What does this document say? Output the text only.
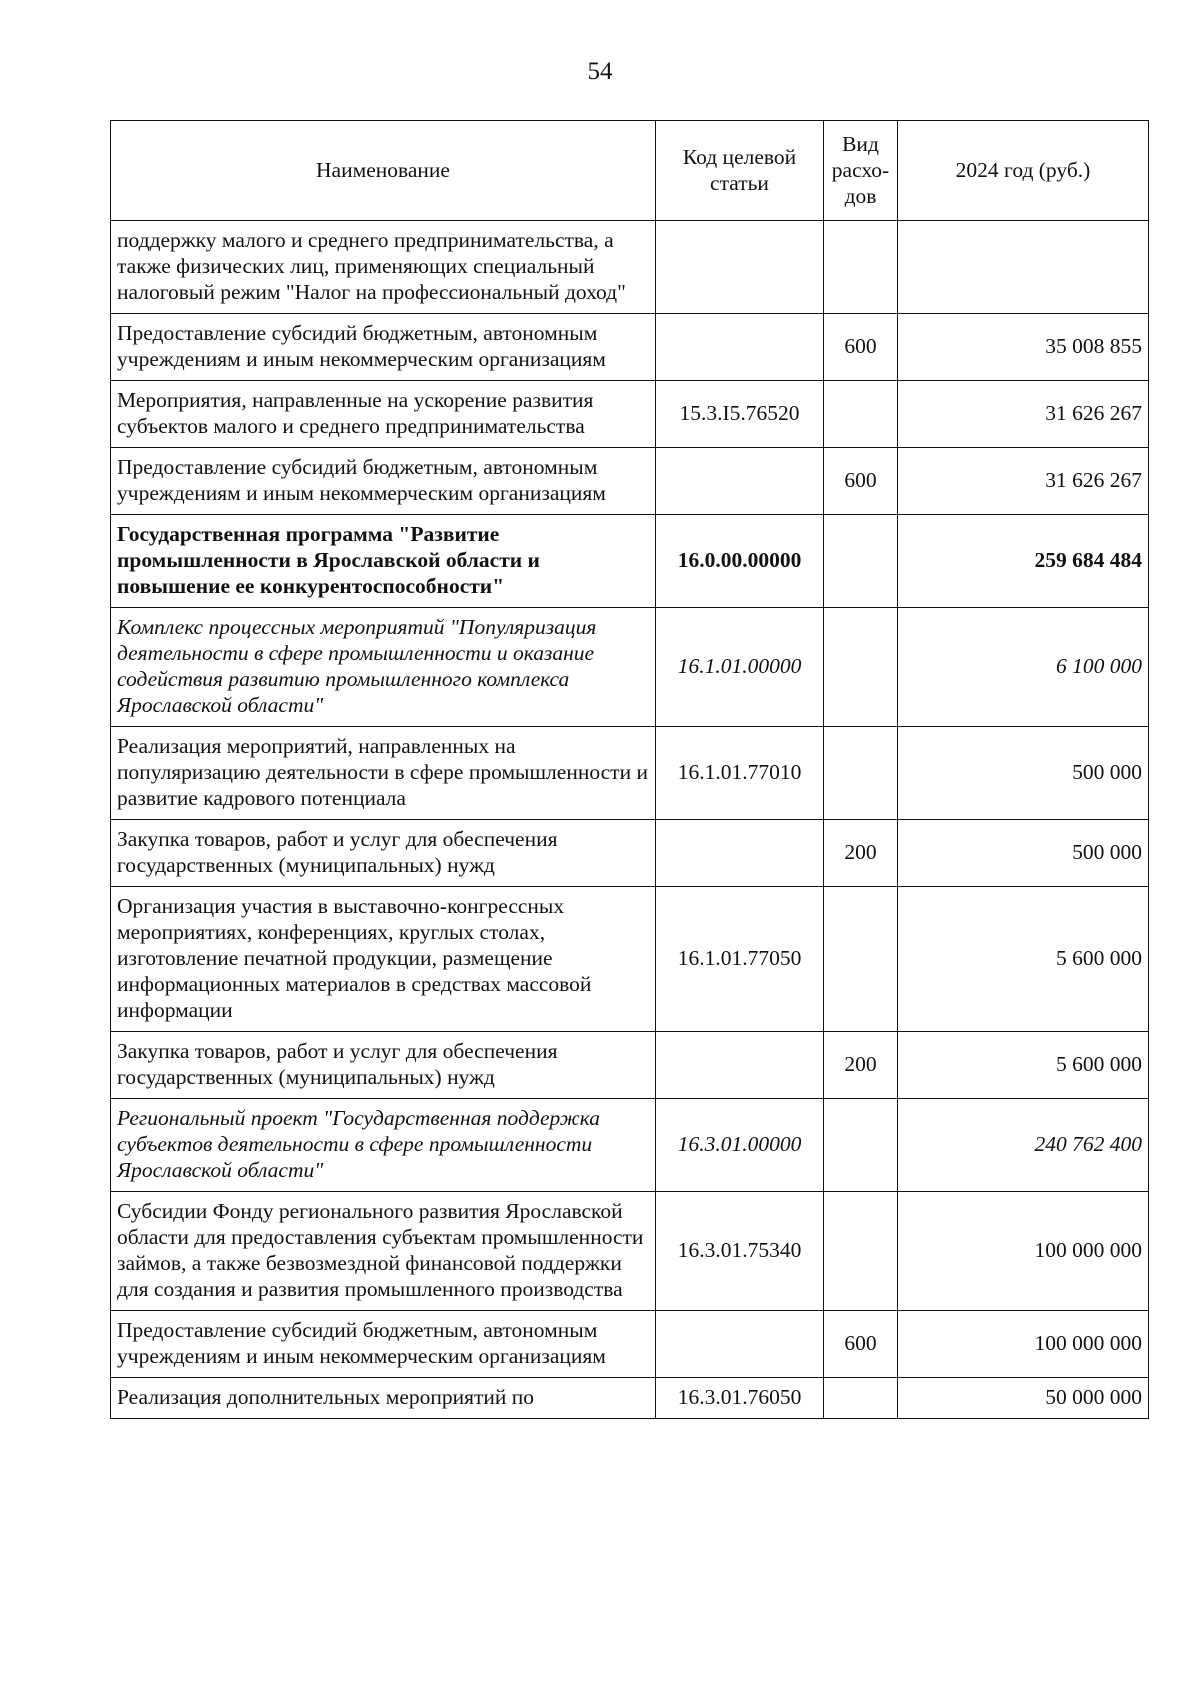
54
Наименование	Код целевой статьи	Вид расхо-дов	2024 год (руб.)
поддержку малого и среднего предпринимательства, а также физических лиц, применяющих специальный налоговый режим "Налог на профессиональный доход"			
Предоставление субсидий бюджетным, автономным учреждениям и иным некоммерческим организациям		600	35 008 855
Мероприятия, направленные на ускорение развития субъектов малого и среднего предпринимательства	15.3.I5.76520		31 626 267
Предоставление субсидий бюджетным, автономным учреждениям и иным некоммерческим организациям		600	31 626 267
Государственная программа "Развитие промышленности в Ярославской области и повышение ее конкурентоспособности"	16.0.00.00000		259 684 484
Комплекс процессных мероприятий "Популяризация деятельности в сфере промышленности и оказание содействия развитию промышленного комплекса Ярославской области"	16.1.01.00000		6 100 000
Реализация мероприятий, направленных на популяризацию деятельности в сфере промышленности и развитие кадрового потенциала	16.1.01.77010		500 000
Закупка товаров, работ и услуг для обеспечения государственных (муниципальных) нужд		200	500 000
Организация участия в выставочно-конгрессных мероприятиях, конференциях, круглых столах, изготовление печатной продукции, размещение информационных материалов в средствах массовой информации	16.1.01.77050		5 600 000
Закупка товаров, работ и услуг для обеспечения государственных (муниципальных) нужд		200	5 600 000
Региональный проект "Государственная поддержка субъектов деятельности в сфере промышленности Ярославской области"	16.3.01.00000		240 762 400
Субсидии Фонду регионального развития Ярославской области для предоставления субъектам промышленности займов, а также безвозмездной финансовой поддержки для создания и развития промышленного производства	16.3.01.75340		100 000 000
Предоставление субсидий бюджетным, автономным учреждениям и иным некоммерческим организациям		600	100 000 000
Реализация дополнительных мероприятий по	16.3.01.76050		50 000 000
